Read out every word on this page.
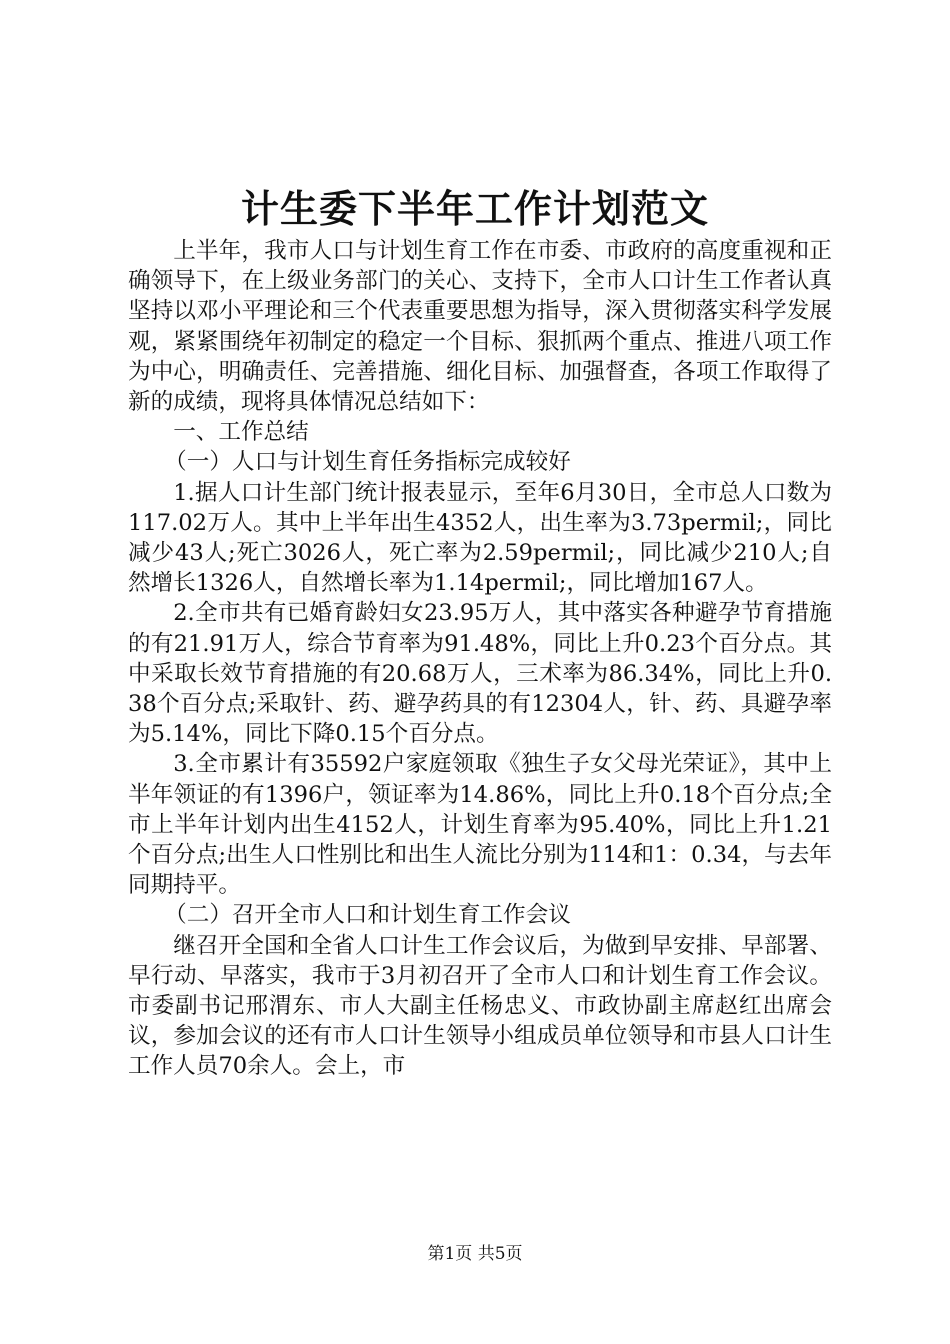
计生委下半年工作计划范文

上半年，我市人口与计划生育工作在市委、市政府的高度重视和正确领导下，在上级业务部门的关心、支持下，全市人口计生工作者认真坚持以邓小平理论和三个代表重要思想为指导，深入贯彻落实科学发展观，紧紧围绕年初制定的稳定一个目标、狠抓两个重点、推进八项工作为中心，明确责任、完善措施、细化目标、加强督查，各项工作取得了新的成绩，现将具体情况总结如下：

一、工作总结

（一）人口与计划生育任务指标完成较好

1.据人口计生部门统计报表显示，至年6月30日，全市总人口数为117.02万人。其中上半年出生4352人，出生率为3.73permil;，同比减少43人;死亡3026人，死亡率为2.59permil;，同比减少210人;自然增长1326人，自然增长率为1.14permil;，同比增加167人。

2.全市共有已婚育龄妇女23.95万人，其中落实各种避孕节育措施的有21.91万人，综合节育率为91.48%，同比上升0.23个百分点。其中采取长效节育措施的有20.68万人，三术率为86.34%，同比上升0.38个百分点;采取针、药、避孕药具的有12304人，针、药、具避孕率为5.14%，同比下降0.15个百分点。

3.全市累计有35592户家庭领取《独生子女父母光荣证》，其中上半年领证的有1396户，领证率为14.86%，同比上升0.18个百分点;全市上半年计划内出生4152人，计划生育率为95.40%，同比上升1.21个百分点;出生人口性别比和出生人流比分别为114和1：0.34，与去年同期持平。

（二）召开全市人口和计划生育工作会议

继召开全国和全省人口计生工作会议后，为做到早安排、早部署、早行动、早落实，我市于3月初召开了全市人口和计划生育工作会议。市委副书记邢渭东、市人大副主任杨忠义、市政协副主席赵红出席会议，参加会议的还有市人口计生领导小组成员单位领导和市县人口计生工作人员70余人。会上，市

第1页 共5页
